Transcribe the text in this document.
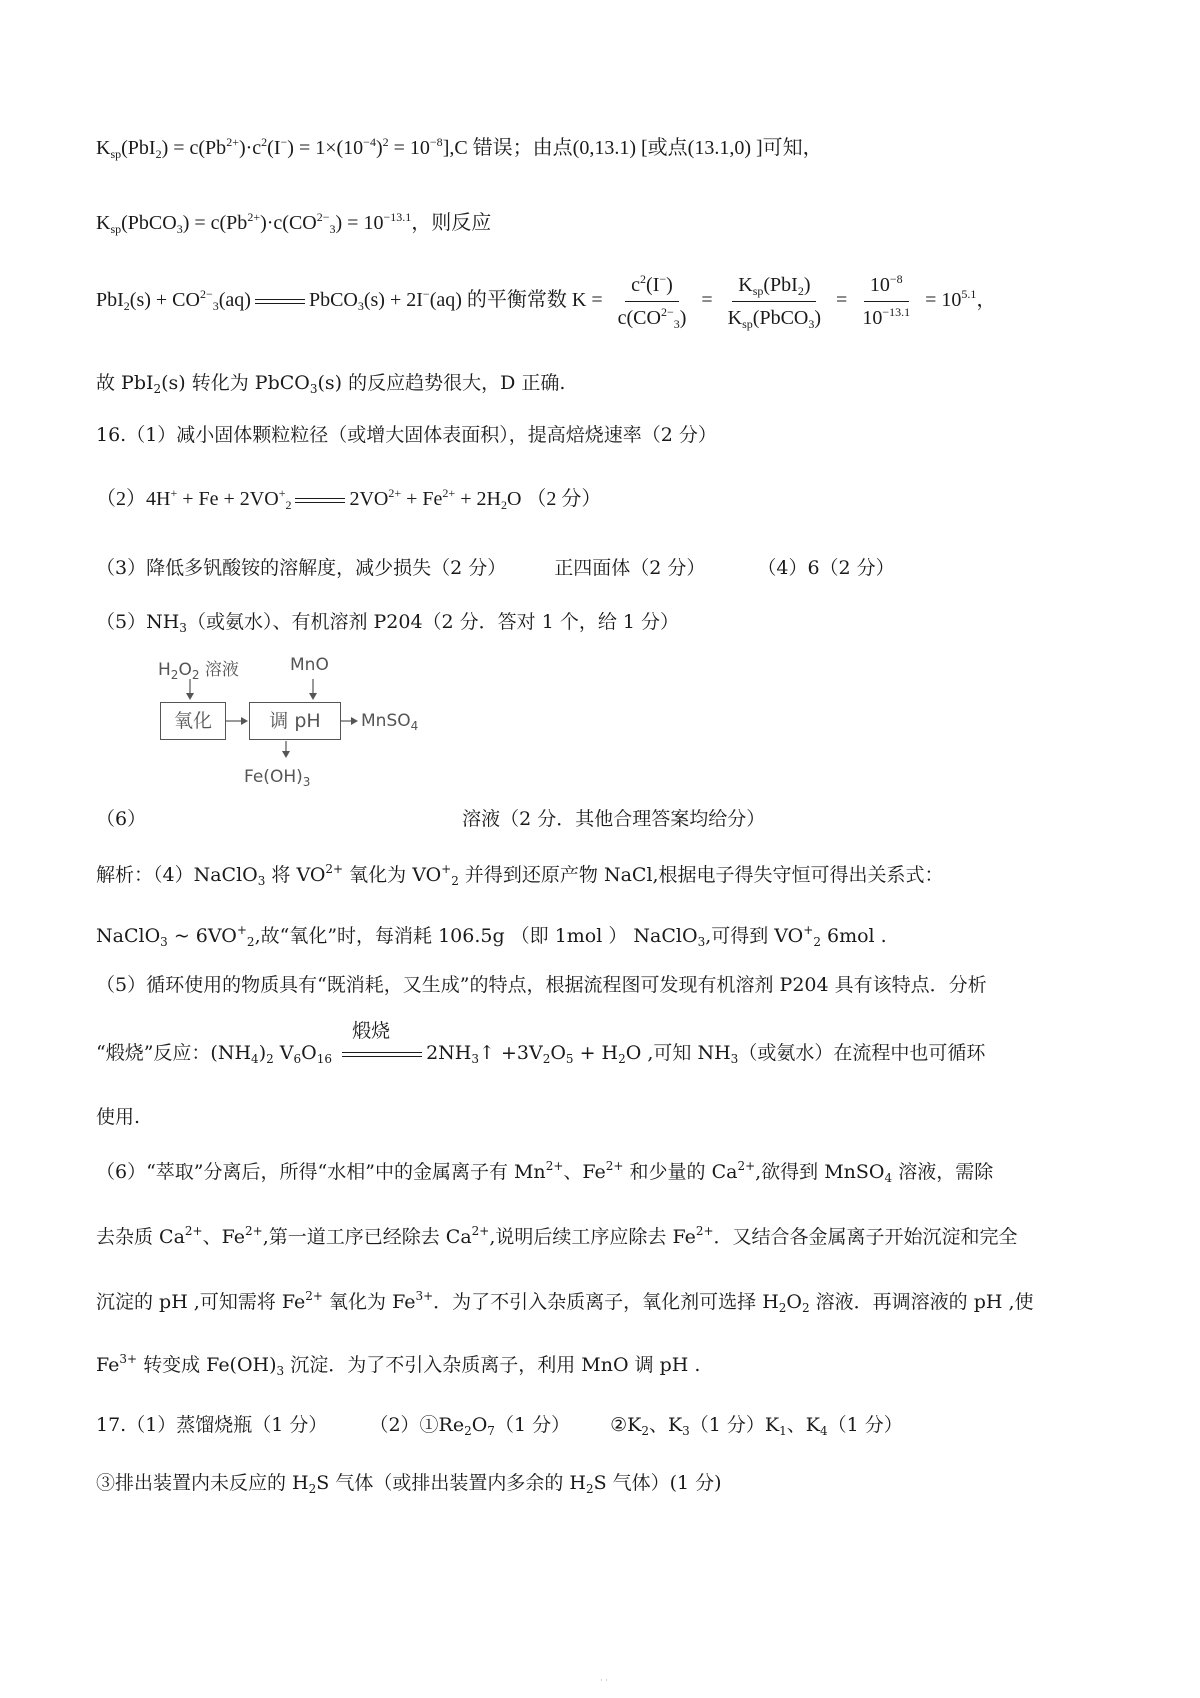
$K_{sp}(PbI_2) = c(Pb^{2+})\cdot c^2(I^-) = 1\times(10^{-4})^2 = 10^{-8}],C$ 错误；由点(0,13.1) [或点(13.1,0) ]可知，
$K_{sp}(PbCO_3) = c(Pb^{2+})\cdot c(CO^{2-}_3) = 10^{-13.1}$，则反应
$PbI_2(s) + CO^{2-}_3(aq)$	PbCO$_3$(s) + 2I−(aq) 的平衡常数 $K = \frac{c^2(I^-)}{c(CO^{2-}_3)} = \frac{K_{sp}(PbI_2)}{K_{sp}(PbCO_3)} = \frac{10^{-8}}{10^{-13.1}} = 10^{5.1}$，
故 PbI$_2$(s) 转化为 PbCO$_3$(s) 的反应趋势很大，D 正确.
16.（1）减小固体颗粒粒径（或增大固体表面积），提高焙烧速率（2 分）
$(2)4H^+ + Fe + 2VO^+_2$	$2VO^{2+} + Fe^{2+} + 2H_2O$ （2 分）
（3）降低多钒酸铵的溶解度，减少损失（2 分）	正四面体（2 分）	（4）6（2 分）
$(5)NH_3$（或氨水）、有机溶剂 P204（2 分．答对 1 个，给 1 分）
$H_2O_2$ 溶液	MnO
氧化	调 pH	MnSO$_4$
$Fe(OH)_3$
（6）	溶液（2 分．其他合理答案均给分）
解析：（4）NaClO$_3$ 将 $VO^{2+}$ 氧化为 $VO^+_2$ 并得到还原产物 NaCl,根据电子得失守恒可得出关系式：
NaClO$_3$ ~ $6VO^+_2$,故“氧化”时，每消耗 106.5g （即 1mol ） NaClO$_3$,可得到 $VO^+_2$ 6mol .
（5）循环使用的物质具有“既消耗，又生成”的特点，根据流程图可发现有机溶剂 P204 具有该特点．分析
“煅烧”反应：$(NH_4)_2$ $V_6O_{16}$
煅烧
$2NH_3↑ +3V_2O_5 + H_2O$ ,可知 $NH_3$（或氨水）在流程中也可循环
使用.
（6）“萃取”分离后，所得“水相”中的金属离子有 $Mn^{2+}$、$Fe^{2+}$ 和少量的 $Ca^{2+}$,欲得到 MnSO$_4$ 溶液，需除
去杂质 $Ca^{2+}$、$Fe^{2+}$,第一道工序已经除去 $Ca^{2+}$,说明后续工序应除去 $Fe^{2+}$．又结合各金属离子开始沉淀和完全
沉淀的 pH ,可知需将 $Fe^{2+}$ 氧化为 $Fe^{3+}$．为了不引入杂质离子，氧化剂可选择 $H_2O_2$ 溶液．再调溶液的 pH ,使
$Fe^{3+}$ 转变成 $Fe(OH)_3$ 沉淀．为了不引入杂质离子，利用 MnO 调 pH .
17.（1）蒸馏烧瓶（1 分） $(2)①Re_2O_7(1$ 分） $②K_2$、$K_3(1$ 分）$K_1$、$K_4(1$ 分）
③排出装置内未反应的 $H_2S$ 气体（或排出装置内多余的 $H_2S$ 气体）(1 分)
· ·
